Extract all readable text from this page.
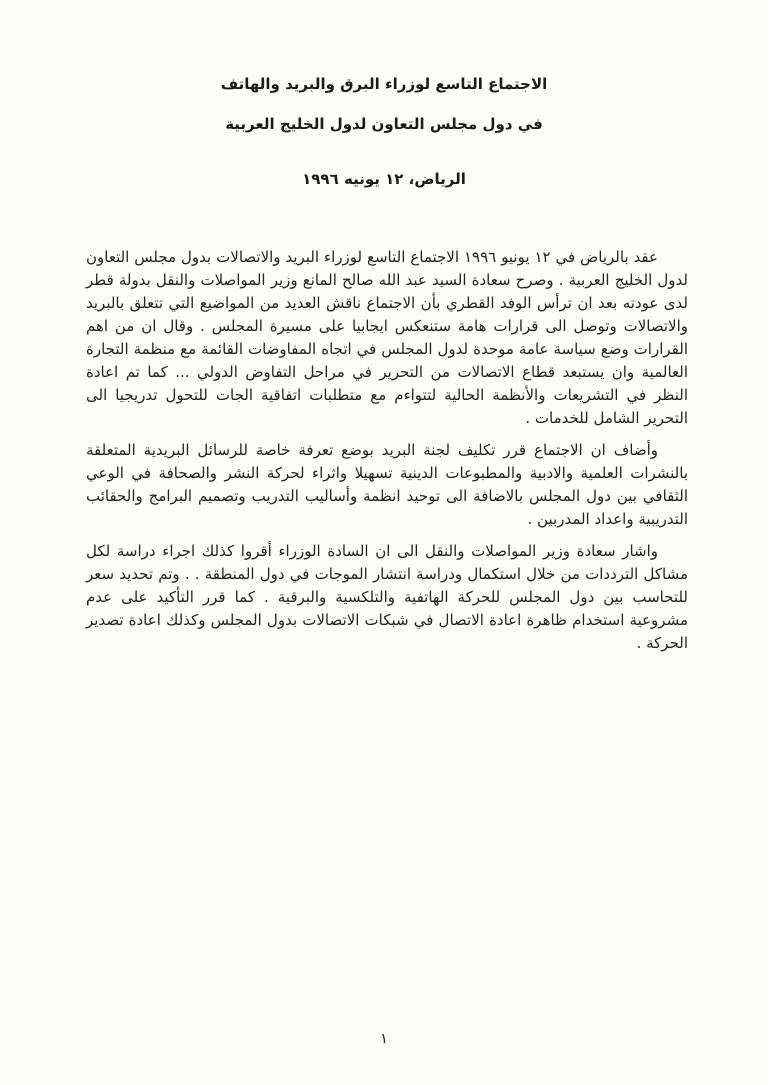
الاجتماع التاسع لوزراء البرق والبريد والهاتف
في دول مجلس التعاون لدول الخليج العربية
الرياض، ١٢ يونيه ١٩٩٦

عقد بالرياض في ١٢ يونيو ١٩٩٦ الاجتماع التاسع لوزراء البريد والاتصالات بدول مجلس التعاون لدول الخليج العربية . وصرح سعادة السيد عبد الله صالح المانع وزير المواصلات والنقل بدولة قطر لدى عودته بعد ان ترأس الوفد القطري بأن الاجتماع ناقش العديد من المواضيع التي تتعلق بالبريد والاتصالات وتوصل الى قرارات هامة ستنعكس ايجابيا على مسيرة المجلس . وقال ان من اهم القرارات وضع سياسة عامة موحدة لدول المجلس في اتجاه المفاوضات القائمة مع منظمة التجارة العالمية وان يستبعد قطاع الاتصالات من التحرير في مراحل التفاوض الدولي ... كما تم اعادة النظر في التشريعات والأنظمة الحالية لتتواءم مع متطلبات اتفاقية الجات للتحول تدريجيا الى التحرير الشامل للخدمات .

وأضاف ان الاجتماع قرر تكليف لجنة البريد بوضع تعرفة خاصة للرسائل البريدية المتعلقة بالنشرات العلمية والادبية والمطبوعات الدينية تسهيلا واثراء لحركة النشر والصحافة في الوعي الثقافي بين دول المجلس بالاضافة الى توحيد انظمة وأساليب التدريب وتصميم البرامج والحقائب التدريبية واعداد المدربين .

واشار سعادة وزير المواصلات والنقل الى ان السادة الوزراء أقروا كذلك اجراء دراسة لكل مشاكل الترددات من خلال استكمال ودراسة انتشار الموجات في دول المنطقة . . وتم تحديد سعر للتحاسب بين دول المجلس للحركة الهاتفية والتلكسية والبرقية . كما قرر التأكيد على عدم مشروعية استخدام ظاهرة اعادة الاتصال في شبكات الاتصالات بدول المجلس وكذلك اعادة تصدير الحركة .

١
